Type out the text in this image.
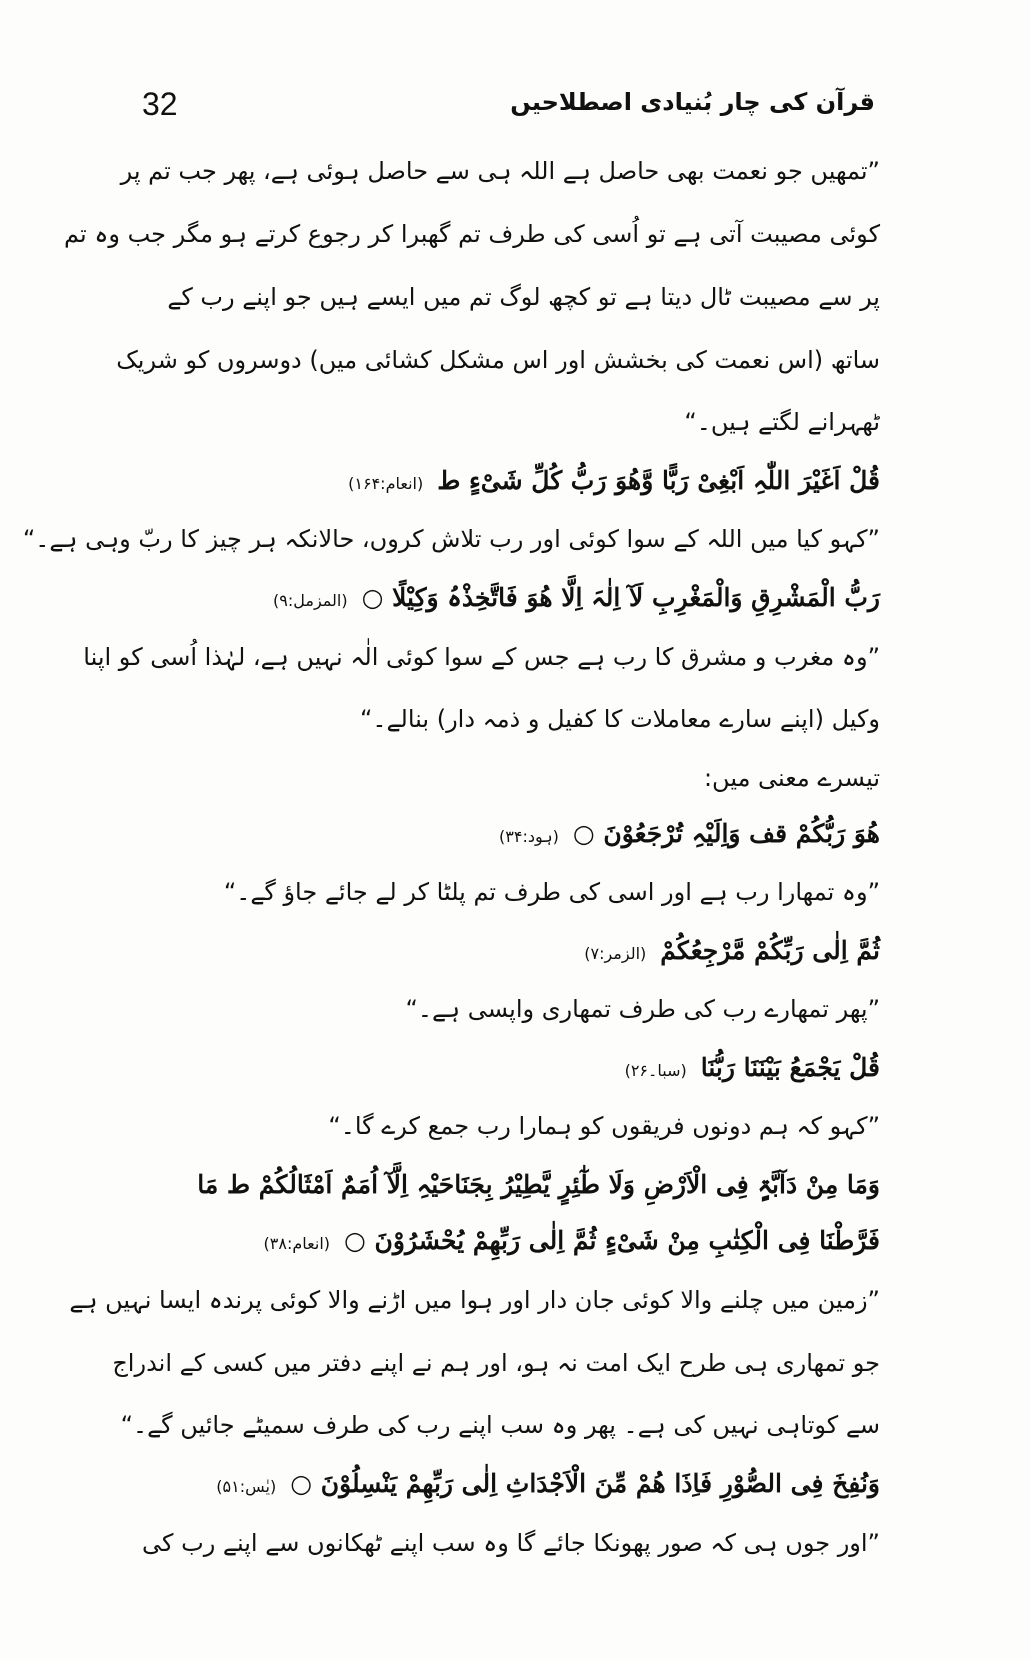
32	قرآن کی چار بُنیادی اصطلاحیں

”تمھیں جو نعمت بھی حاصل ہے اللہ ہی سے حاصل ہوئی ہے، پھر جب تم پر

کوئی مصیبت آتی ہے تو اُسی کی طرف تم گھبرا کر رجوع کرتے ہو مگر جب وہ تم

پر سے مصیبت ٹال دیتا ہے تو کچھ لوگ تم میں ایسے ہیں جو اپنے رب کے

ساتھ (اس نعمت کی بخشش اور اس مشکل کشائی میں) دوسروں کو شریک

ٹھہرانے لگتے ہیں۔“

قُلْ اَغَیْرَ اللّٰہِ اَبْغِیْ رَبًّا وَّھُوَ رَبُّ کُلِّ شَیْءٍ ط(انعام:۱۶۴)

”کہو کیا میں اللہ کے سوا کوئی اور رب تلاش کروں، حالانکہ ہر چیز کا ربّ وہی ہے۔“

رَبُّ الْمَشْرِقِ وَالْمَغْرِبِ لَآ اِلٰہَ اِلَّا ھُوَ فَاتَّخِذْہُ وَکِیْلًا ○(المزمل:۹)

”وہ مغرب و مشرق کا رب ہے جس کے سوا کوئی الٰہ نہیں ہے، لہٰذا اُسی کو اپنا

وکیل (اپنے سارے معاملات کا کفیل و ذمہ دار) بنالے۔“

تیسرے معنی میں:

ھُوَ رَبُّکُمْ قف وَاِلَیْہِ تُرْجَعُوْنَ ○(ہود:۳۴)

”وہ تمھارا رب ہے اور اسی کی طرف تم پلٹا کر لے جائے جاؤ گے۔“

ثُمَّ اِلٰی رَبِّکُمْ مَّرْجِعُکُمْ(الزمر:۷)

”پھر تمھارے رب کی طرف تمھاری واپسی ہے۔“

قُلْ یَجْمَعُ بَیْنَنَا رَبُّنَا(سبا۔۲۶)

”کہو کہ ہم دونوں فریقوں کو ہمارا رب جمع کرے گا۔“

وَمَا مِنْ دَآبَّۃٍ فِی الْاَرْضِ وَلَا طٰٓئِرٍ یَّطِیْرُ بِجَنَاحَیْہِ اِلَّآ اُمَمٌ اَمْثَالُکُمْ ط مَا

فَرَّطْنَا فِی الْکِتٰبِ مِنْ شَیْءٍ ثُمَّ اِلٰی رَبِّھِمْ یُحْشَرُوْنَ ○(انعام:۳۸)

”زمین میں چلنے والا کوئی جان دار اور ہوا میں اڑنے والا کوئی پرندہ ایسا نہیں ہے

جو تمھاری ہی طرح ایک امت نہ ہو، اور ہم نے اپنے دفتر میں کسی کے اندراج

سے کوتاہی نہیں کی ہے۔ پھر وہ سب اپنے رب کی طرف سمیٹے جائیں گے۔“

وَنُفِخَ فِی الصُّوْرِ فَاِذَا ھُمْ مِّنَ الْاَجْدَاثِ اِلٰی رَبِّھِمْ یَنْسِلُوْنَ ○(یٰس:۵۱)

”اور جوں ہی کہ صور پھونکا جائے گا وہ سب اپنے ٹھکانوں سے اپنے رب کی
